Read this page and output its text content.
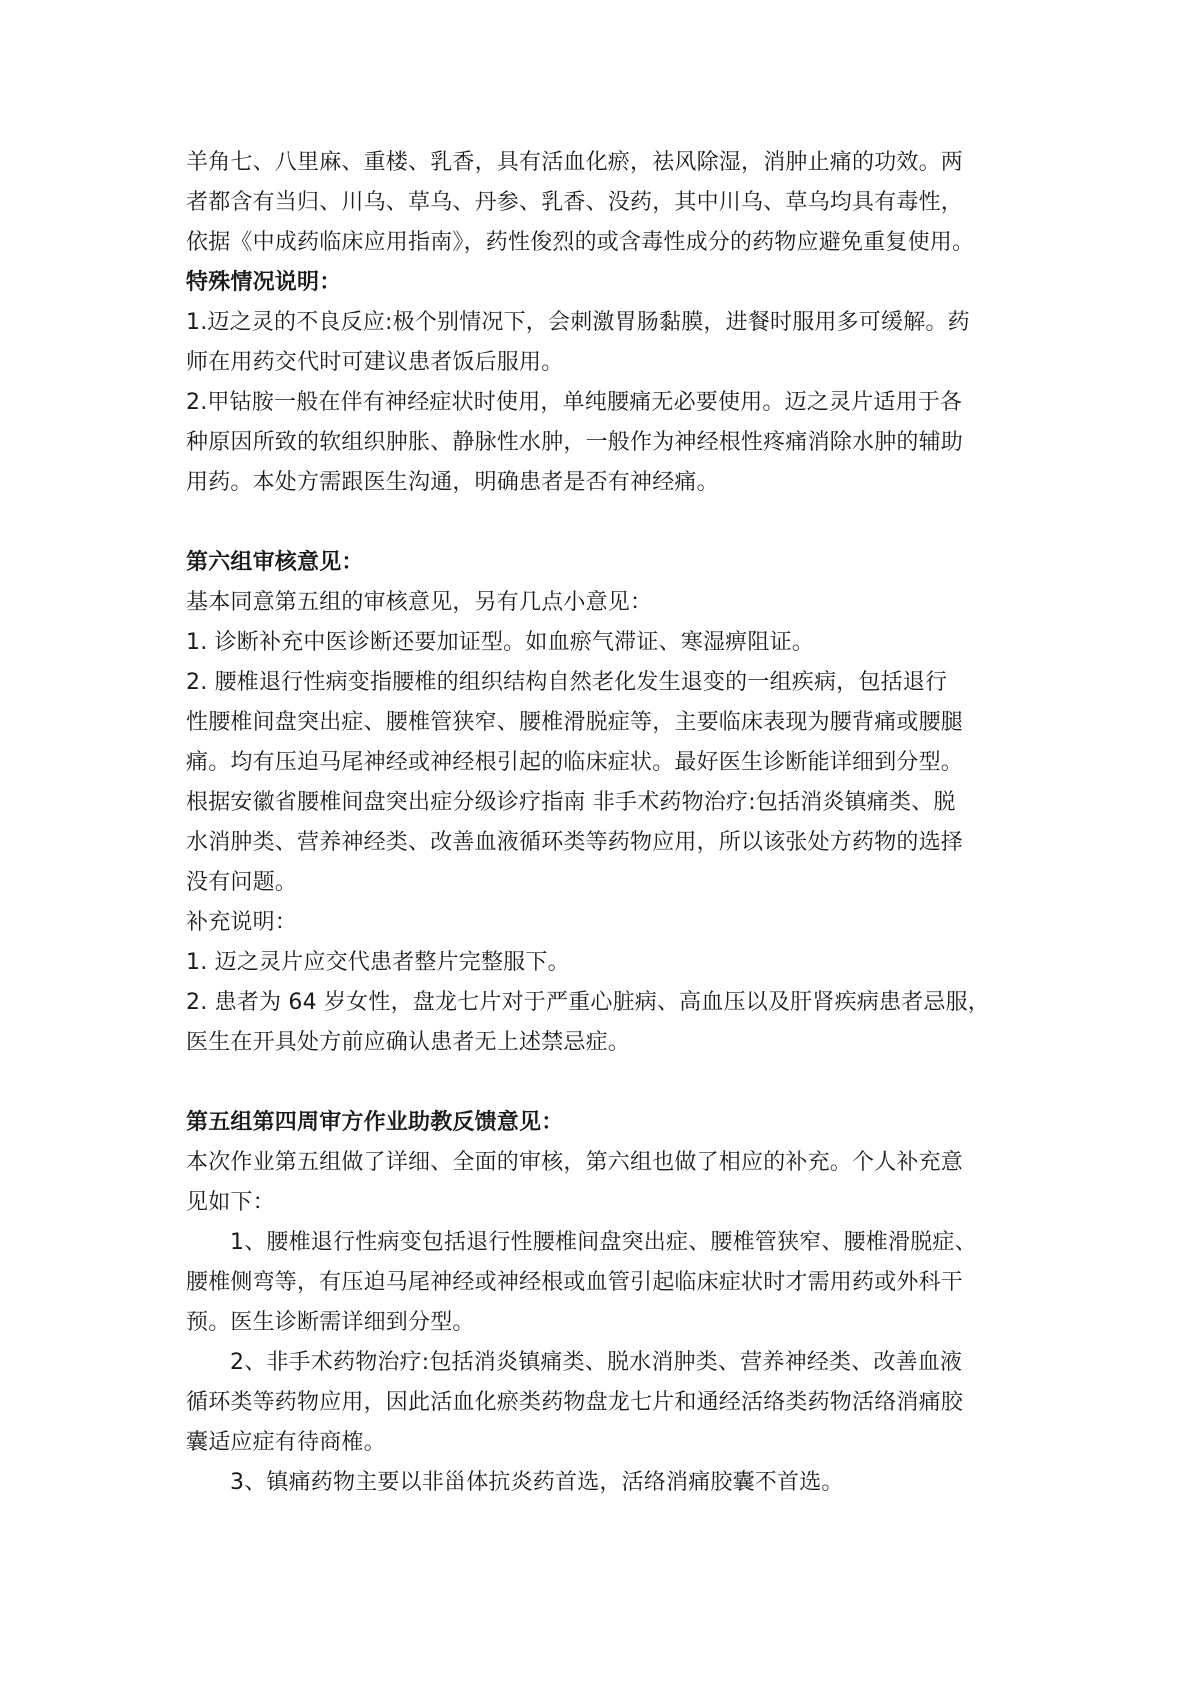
羊角七、八里麻、重楼、乳香，具有活血化瘀，祛风除湿，消肿止痛的功效。两
者都含有当归、川乌、草乌、丹参、乳香、没药，其中川乌、草乌均具有毒性，
依据《中成药临床应用指南》，药性俊烈的或含毒性成分的药物应避免重复使用。
特殊情况说明：
1.迈之灵的不良反应:极个别情况下，会刺激胃肠黏膜，进餐时服用多可缓解。药
师在用药交代时可建议患者饭后服用。
2.甲钴胺一般在伴有神经症状时使用，单纯腰痛无必要使用。迈之灵片适用于各
种原因所致的软组织肿胀、静脉性水肿，一般作为神经根性疼痛消除水肿的辅助
用药。本处方需跟医生沟通，明确患者是否有神经痛。
第六组审核意见：
基本同意第五组的审核意见，另有几点小意见：
1. 诊断补充中医诊断还要加证型。如血瘀气滞证、寒湿痹阻证。
2. 腰椎退行性病变指腰椎的组织结构自然老化发生退变的一组疾病，包括退行
性腰椎间盘突出症、腰椎管狭窄、腰椎滑脱症等，主要临床表现为腰背痛或腰腿
痛。均有压迫马尾神经或神经根引起的临床症状。最好医生诊断能详细到分型。
根据安徽省腰椎间盘突出症分级诊疗指南 非手术药物治疗:包括消炎镇痛类、脱
水消肿类、营养神经类、改善血液循环类等药物应用，所以该张处方药物的选择
没有问题。
补充说明：
1. 迈之灵片应交代患者整片完整服下。
2. 患者为 64 岁女性，盘龙七片对于严重心脏病、高血压以及肝肾疾病患者忌服，
医生在开具处方前应确认患者无上述禁忌症。
第五组第四周审方作业助教反馈意见：
本次作业第五组做了详细、全面的审核，第六组也做了相应的补充。个人补充意
见如下：
1、腰椎退行性病变包括退行性腰椎间盘突出症、腰椎管狭窄、腰椎滑脱症、
腰椎侧弯等，有压迫马尾神经或神经根或血管引起临床症状时才需用药或外科干
预。医生诊断需详细到分型。
2、非手术药物治疗:包括消炎镇痛类、脱水消肿类、营养神经类、改善血液
循环类等药物应用，因此活血化瘀类药物盘龙七片和通经活络类药物活络消痛胶
囊适应症有待商榷。
3、镇痛药物主要以非甾体抗炎药首选，活络消痛胶囊不首选。
